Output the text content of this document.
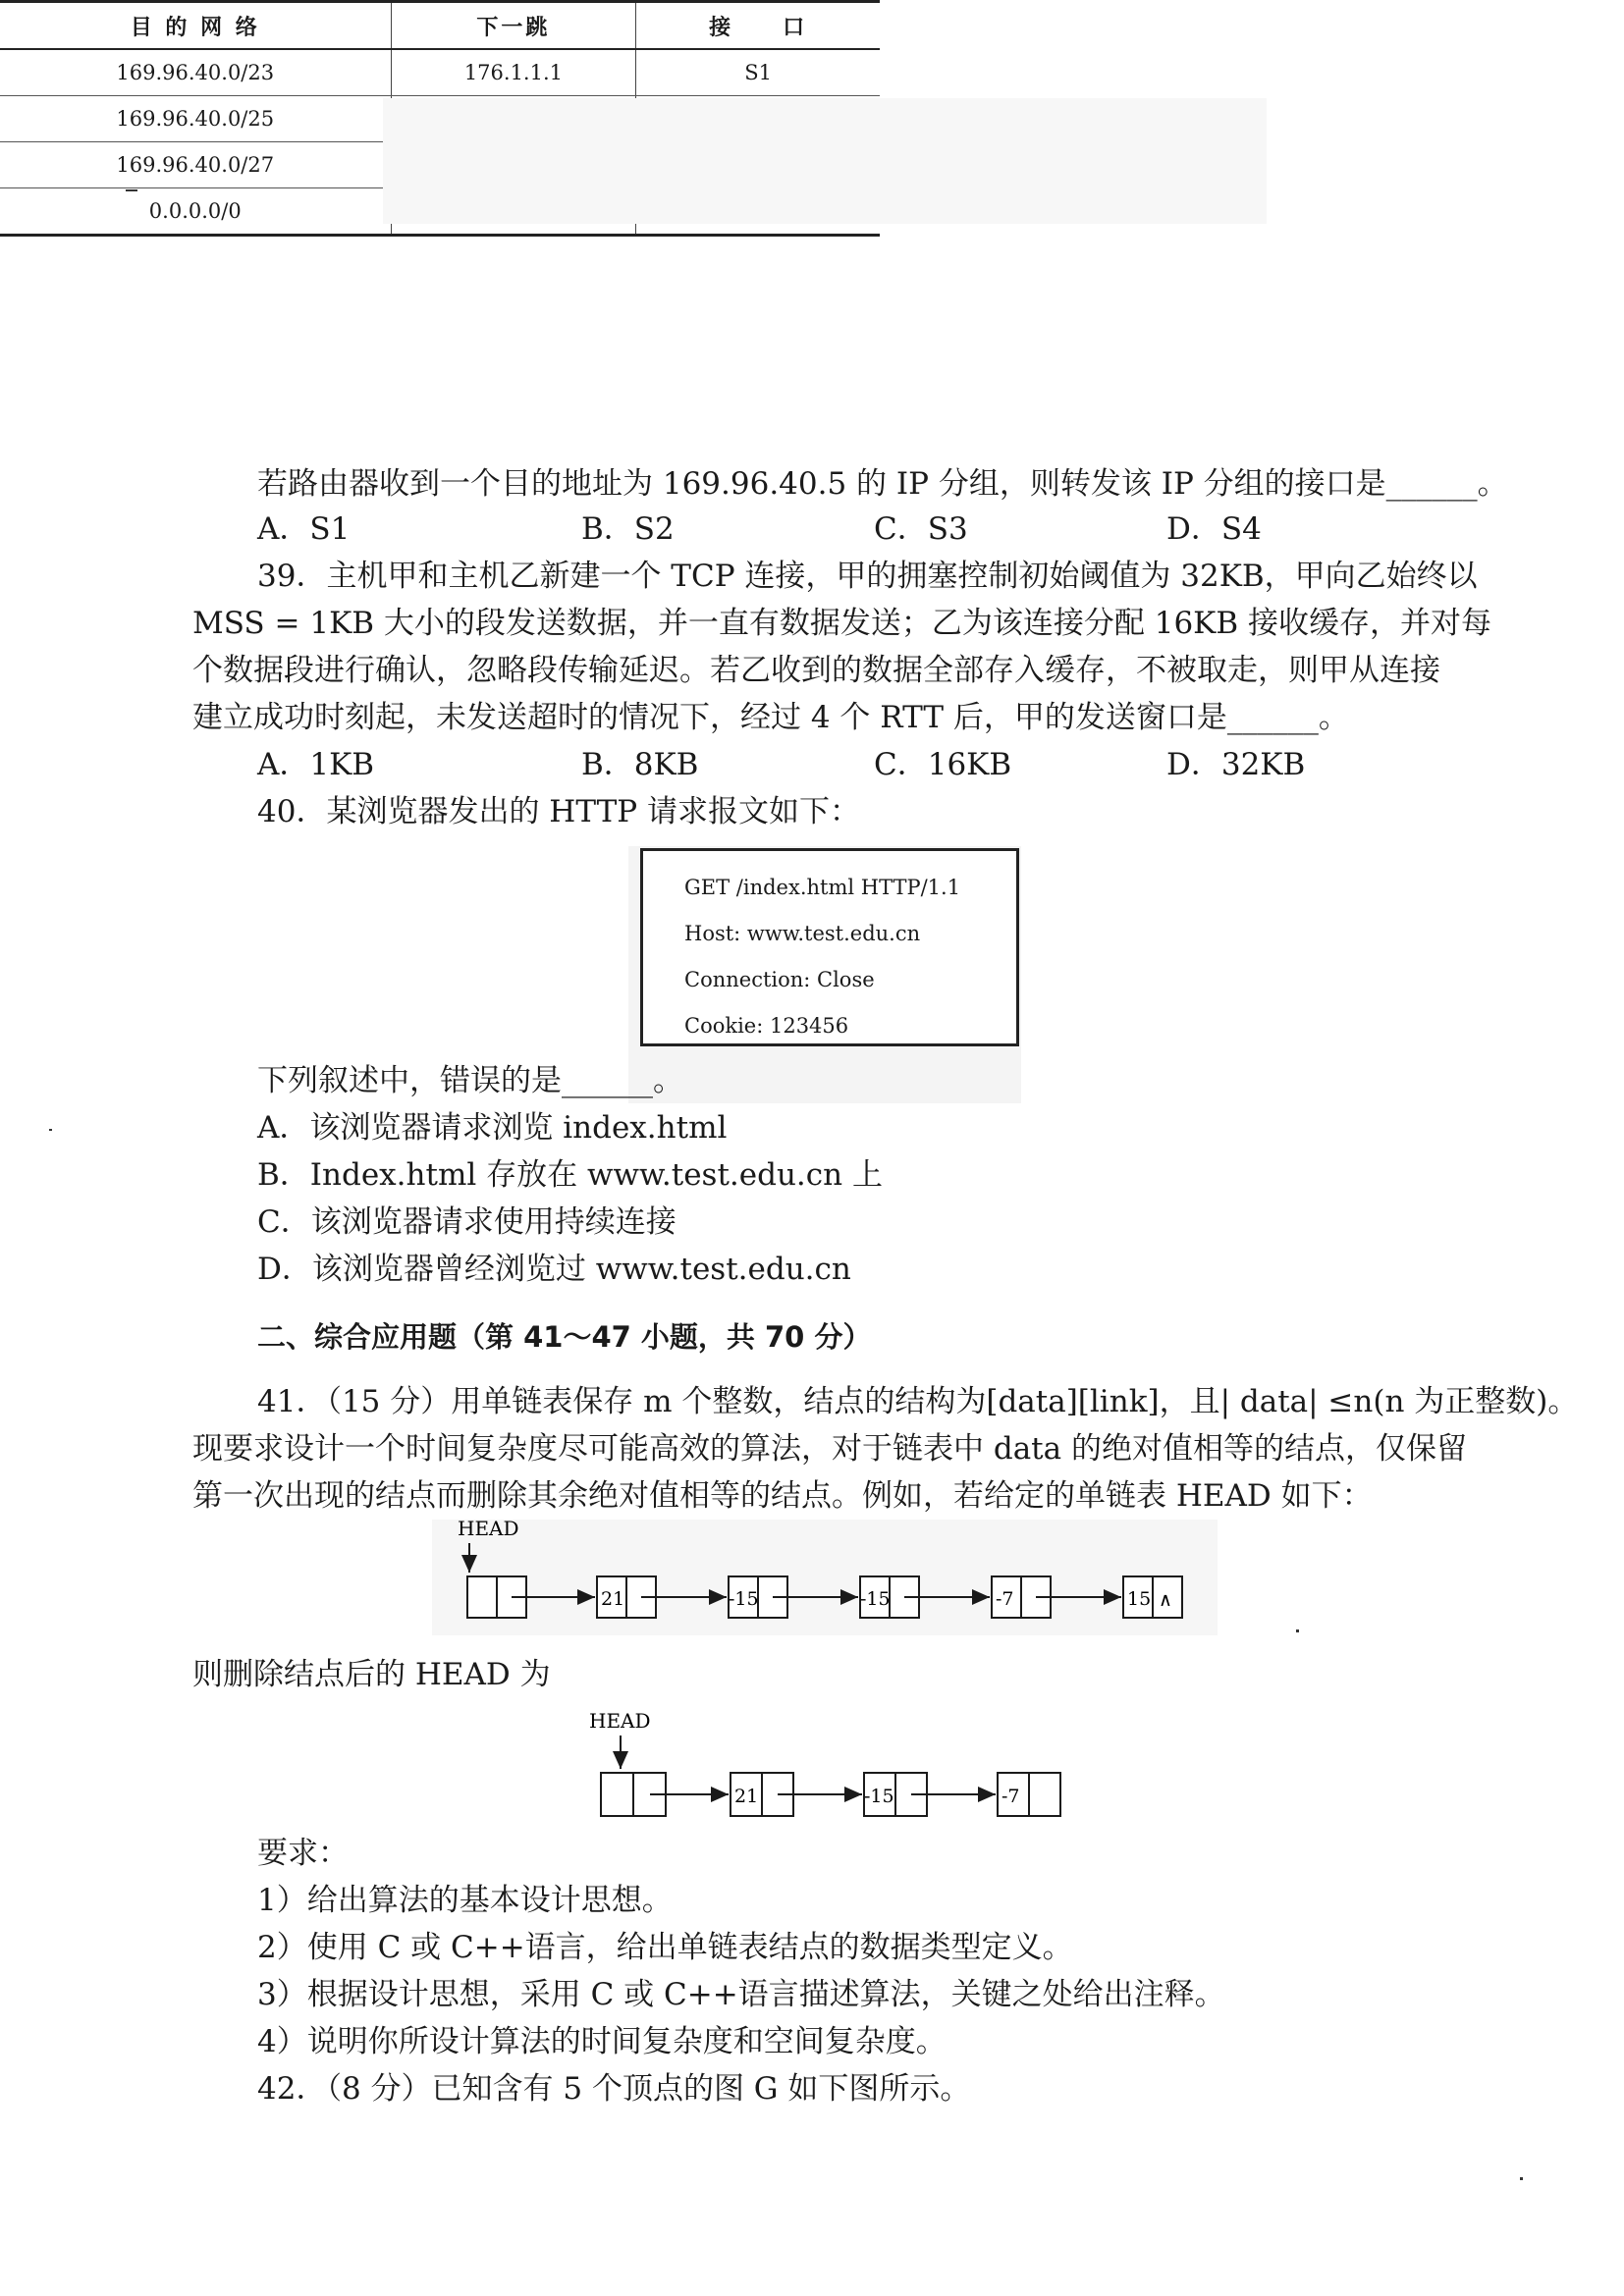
目 的 网 络	下一跳	接　　口
169.96.40.0/23	176.1.1.1	S1
169.96.40.0/25		
169.96.40.0/27		
0.0.0.0/0		
若路由器收到一个目的地址为 169.96.40.5 的 IP 分组，则转发该 IP 分组的接口是______。
A．S1	B．S2	C．S3	D．S4
39．主机甲和主机乙新建一个 TCP 连接，甲的拥塞控制初始阈值为 32KB，甲向乙始终以
MSS = 1KB 大小的段发送数据，并一直有数据发送；乙为该连接分配 16KB 接收缓存，并对每
个数据段进行确认，忽略段传输延迟。若乙收到的数据全部存入缓存，不被取走，则甲从连接
建立成功时刻起，未发送超时的情况下，经过 4 个 RTT 后，甲的发送窗口是______。
A．1KB	B．8KB	C．16KB	D．32KB
40．某浏览器发出的 HTTP 请求报文如下：
GET /index.html HTTP/1.1
Host: www.test.edu.cn
Connection: Close
Cookie: 123456
下列叙述中，错误的是______。
A．该浏览器请求浏览 index.html
B．Index.html 存放在 www.test.edu.cn 上
C．该浏览器请求使用持续连接
D．该浏览器曾经浏览过 www.test.edu.cn
二、综合应用题（第 41～47 小题，共 70 分）
41．（15 分）用单链表保存 m 个整数，结点的结构为[data][link]，且| data| ≤n(n 为正整数)。
现要求设计一个时间复杂度尽可能高效的算法，对于链表中 data 的绝对值相等的结点，仅保留
第一次出现的结点而删除其余绝对值相等的结点。例如，若给定的单链表 HEAD 如下：
HEAD
21	-15	-15	-7	15 ∧
则删除结点后的 HEAD 为
HEAD
21	-15	-7
要求：
1）给出算法的基本设计思想。
2）使用 C 或 C++语言，给出单链表结点的数据类型定义。
3）根据设计思想，采用 C 或 C++语言描述算法，关键之处给出注释。
4）说明你所设计算法的时间复杂度和空间复杂度。
42．（8 分）已知含有 5 个顶点的图 G 如下图所示。
